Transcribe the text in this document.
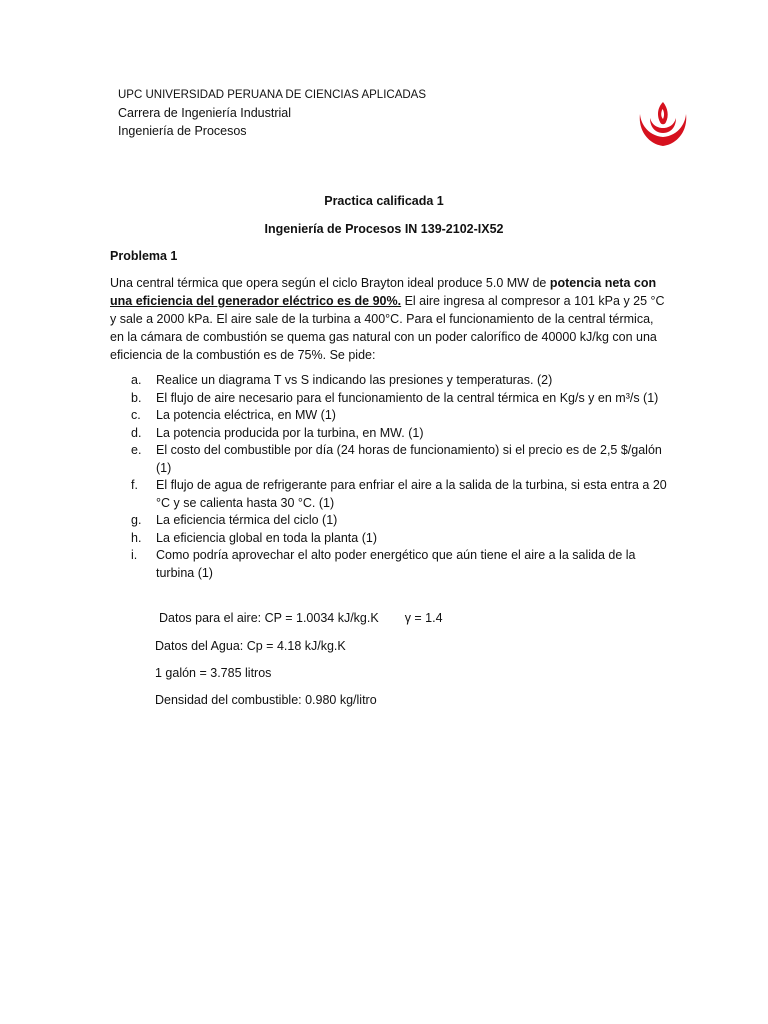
UPC UNIVERSIDAD PERUANA DE CIENCIAS APLICADAS
Carrera de Ingeniería Industrial
Ingeniería de Procesos
Practica calificada 1
Ingeniería de Procesos IN 139-2102-IX52
Problema 1
Una central térmica que opera según el ciclo Brayton ideal produce 5.0 MW de potencia neta con una eficiencia del generador eléctrico es de 90%. El aire ingresa al compresor a 101 kPa y 25 °C y sale a 2000 kPa. El aire sale de la turbina a 400°C. Para el funcionamiento de la central térmica, en la cámara de combustión se quema gas natural con un poder calorífico de 40000 kJ/kg con una eficiencia de la combustión es de 75%. Se pide:
a. Realice un diagrama T vs S indicando las presiones y temperaturas. (2)
b. El flujo de aire necesario para el funcionamiento de la central térmica en Kg/s y en m³/s (1)
c. La potencia eléctrica, en MW (1)
d. La potencia producida por la turbina, en MW. (1)
e. El costo del combustible por día (24 horas de funcionamiento) si el precio es de 2,5 $/galón (1)
f. El flujo de agua de refrigerante para enfriar el aire a la salida de la turbina, si esta entra a 20 °C y se calienta hasta 30 °C. (1)
g. La eficiencia térmica del ciclo (1)
h. La eficiencia global en toda la planta (1)
i. Como podría aprovechar el alto poder energético que aún tiene el aire a la salida de la turbina (1)
Datos para el aire: CP = 1.0034 kJ/kg.K γ = 1.4
Datos del Agua: Cp = 4.18 kJ/kg.K
1 galón = 3.785 litros
Densidad del combustible: 0.980 kg/litro
